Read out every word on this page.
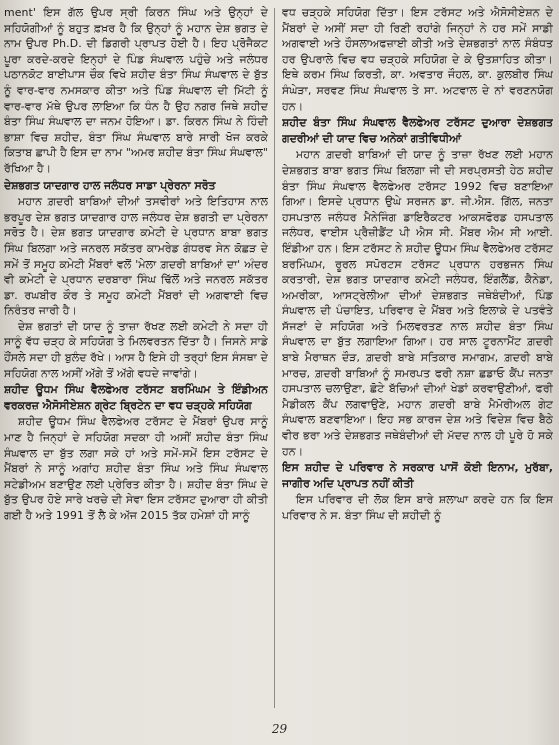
ment' ਇਸ ਗੱਲ ਉਪਰ ਸ੍ਰੀ ਕਿਰਨ ਸਿੰਘ ਅਤੇ ਉਨ੍ਹਾਂ ਦੇ ਸਹਿਯੋਗੀਆਂ ਨੂੰ ਬਹੁਤ ਫ਼ਖ਼ਰ ਹੈ ਕਿ ਉਨ੍ਹਾਂ ਨੂੰ ਮਹਾਨ ਦੇਸ਼ ਭਗਤ ਦੇ ਨਾਮ ਉਪਰ Ph.D. ਦੀ ਡਿਗਰੀ ਪ੍ਰਾਪਤ ਹੋਈ ਹੈ। ਇਹ ਪ੍ਰੋਜੈਕਟ ਪੂਰਾ ਕਰਦੇ-ਕਰਦੇ ਇਨ੍ਹਾਂ ਦੇ ਪਿੰਡ ਸੰਘਵਾਲ ਪਹੁੰਚੇ ਅਤੇ ਜਲੰਧਰ ਪਠਾਨਕੋਟ ਬਾਈਪਾਸ ਚੌਕ ਵਿਖੇ ਸ਼ਹੀਦ ਬੰਤਾ ਸਿੰਘ ਸੰਘਵਾਲ ਦੇ ਬੁੱਤ ਨੂੰ ਵਾਰ-ਵਾਰ ਨਮਸਕਾਰ ਕੀਤਾ ਅਤੇ ਪਿੰਡ ਸੰਘਵਾਲ ਦੀ ਮਿੱਟੀ ਨੂੰ ਵਾਰ-ਵਾਰ ਮੱਥੇ ਉਪਰ ਲਾਇਆ ਕਿ ਧੰਨ ਹੈ ਉਹ ਨਗਰ ਜਿਥੇ ਸ਼ਹੀਦ ਬੰਤਾ ਸਿੰਘ ਸੰਘਵਾਲ ਦਾ ਜਨਮ ਹੋਇਆ। ਡਾ. ਕਿਰਨ ਸਿੰਘ ਨੇ ਹਿੰਦੀ ਭਾਸ਼ਾ ਵਿਚ ਸ਼ਹੀਦ, ਬੰਤਾ ਸਿੰਘ ਸੰਘਵਾਲ ਬਾਰੇ ਸਾਰੀ ਖੋਜ ਕਰਕੇ ਕਿਤਾਬ ਛਾਪੀ ਹੈ ਇਸ ਦਾ ਨਾਮ "ਅਮਰ ਸ਼ਹੀਦ ਬੰਤਾ ਸਿੰਘ ਸੰਘਵਾਲ" ਰੱਖਿਆ ਹੈ।

ਦੇਸ਼ਭਗਤ ਯਾਦਗਾਰ ਹਾਲ ਜਲੰਧਰ ਸਾਡਾ ਪ੍ਰੇਰਨਾ ਸਰੋਤ

ਮਹਾਨ ਗ਼ਦਰੀ ਬਾਬਿਆਂ ਦੀਆਂ ਤਸਵੀਰਾਂ ਅਤੇ ਇਤਿਹਾਸ ਨਾਲ ਭਰਪੂਰ ਦੇਸ਼ ਭਗਤ ਯਾਦਗਾਰ ਹਾਲ ਜਲੰਧਰ ਦੇਸ਼ ਭਗਤੀ ਦਾ ਪ੍ਰੇਰਨਾ ਸਰੋਤ ਹੈ। ਦੇਸ਼ ਭਗਤ ਯਾਦਗਾਰ ਕਮੇਟੀ ਦੇ ਪ੍ਰਧਾਨ ਬਾਬਾ ਭਗਤ ਸਿੰਘ ਬਿਲਗਾ ਅਤੇ ਜਨਰਲ ਸਕੱਤਰ ਕਾਮਰੇਡ ਗੰਧਰਵ ਸੇਨ ਕੋਛੜ ਦੇ ਸਮੇਂ ਤੋਂ ਸਮੂਹ ਕਮੇਟੀ ਮੈਂਬਰਾਂ ਵਲੋਂ 'ਮੇਲਾ ਗ਼ਦਰੀ ਬਾਬਿਆਂ ਦਾ' ਅੰਦਰ ਵੀ ਕਮੇਟੀ ਦੇ ਪ੍ਰਧਾਨ ਦਰਬਾਰਾ ਸਿੰਘ ਢਿੱਲੋਂ ਅਤੇ ਜਨਰਲ ਸਕੱਤਰ ਡਾ. ਰਘਬੀਰ ਕੌਰ ਤੇ ਸਮੂਹ ਕਮੇਟੀ ਮੈਂਬਰਾਂ ਦੀ ਅਗਵਾਈ ਵਿਚ ਨਿਰੰਤਰ ਜਾਰੀ ਹੈ।

ਦੇਸ਼ ਭਗਤਾਂ ਦੀ ਯਾਦ ਨੂੰ ਤਾਜ਼ਾ ਰੱਖਣ ਲਈ ਕਮੇਟੀ ਨੇ ਸਦਾ ਹੀ ਸਾਨੂੰ ਵੱਧ ਚੜ੍ਹ ਕੇ ਸਹਿਯੋਗ ਤੇ ਮਿਲਵਰਤਨ ਦਿੱਤਾ ਹੈ। ਜਿਸਨੇ ਸਾਡੇ ਹੌਂਸਲੇ ਸਦਾ ਹੀ ਬੁਲੰਦ ਰੱਖੇ। ਆਸ ਹੈ ਇਸੇ ਹੀ ਤਰ੍ਹਾਂ ਇਸ ਸੰਸਥਾ ਦੇ ਸਹਿਯੋਗ ਨਾਲ ਅਸੀਂ ਅੱਗੇ ਤੋਂ ਅੱਗੇ ਵਧਦੇ ਜਾਵਾਂਗੇ।

ਸ਼ਹੀਦ ਊਧਮ ਸਿੰਘ ਵੈਲਫੇਅਰ ਟਰੱਸਟ ਬਰਮਿੰਘਮ ਤੇ ਇੰਡੀਅਨ ਵਰਕਰਜ਼ ਐਸੋਸੀਏਸ਼ਨ ਗ੍ਰੇਟ ਬ੍ਰਿਟੇਨ ਦਾ ਵਧ ਚੜ੍ਹਕੇ ਸਹਿਯੋਗ

ਸ਼ਹੀਦ ਊਧਮ ਸਿੰਘ ਵੈਲਫੇਅਰ ਟਰੱਸਟ ਦੇ ਮੈਂਬਰਾਂ ਉਪਰ ਸਾਨੂੰ ਮਾਣ ਹੈ ਜਿਨ੍ਹਾਂ ਦੇ ਸਹਿਯੋਗ ਸਦਕਾ ਹੀ ਅਸੀਂ ਸ਼ਹੀਦ ਬੰਤਾ ਸਿੰਘ ਸੰਘਵਾਲ ਦਾ ਬੁੱਤ ਲਗਾ ਸਕੇ ਹਾਂ ਅਤੇ ਸਮੇਂ-ਸਮੇਂ ਇਸ ਟਰੱਸਟ ਦੇ ਮੈਂਬਰਾਂ ਨੇ ਸਾਨੂੰ ਅਗਾਂਹ ਸ਼ਹੀਦ ਬੰਤਾ ਸਿੰਘ ਅਤੇ ਸਿੰਘ ਸੰਘਵਾਲ ਸਟੇਡੀਅਮ ਬਣਾਉਣ ਲਈ ਪ੍ਰੇਰਿਤ ਕੀਤਾ ਹੈ। ਸ਼ਹੀਦ ਬੰਤਾ ਸਿੰਘ ਦੇ ਬੁੱਤ ਉਪਰ ਹੋਏ ਸਾਰੇ ਖਰਚੇ ਦੀ ਸੇਵਾ ਇਸ ਟਰੱਸਟ ਦੁਆਰਾ ਹੀ ਕੀਤੀ ਗਈ ਹੈ ਅਤੇ 1991 ਤੋਂ ਲੈ ਕੇ ਅੱਜ 2015 ਤੱਕ ਹਮੇਸ਼ਾਂ ਹੀ ਸਾਨੂੰ

ਵਧ ਚੜ੍ਹਕੇ ਸਹਿਯੋਗ ਦਿੱਤਾ। ਇਸ ਟਰੱਸਟ ਅਤੇ ਐਸੋਸੀਏਸ਼ਨ ਦੇ ਮੈਂਬਰਾਂ ਦੇ ਅਸੀਂ ਸਦਾ ਹੀ ਰਿਣੀ ਰਹਾਂਗੇ ਜਿਨ੍ਹਾਂ ਨੇ ਹਰ ਸਮੇਂ ਸਾਡੀ ਅਗਵਾਈ ਅਤੇ ਹੌਸਲਾਅਫਜ਼ਾਈ ਕੀਤੀ ਅਤੇ ਦੇਸ਼ਭਗਤਾਂ ਨਾਲ ਸੰਬੰਧਤ ਹਰ ਉਪਰਾਲੇ ਵਿਚ ਵਧ ਚੜ੍ਹਕੇ ਸਹਿਯੋਗ ਦੇ ਕੇ ਉਤਸ਼ਾਹਿਤ ਕੀਤਾ। ਇਥੇ ਕਰਮ ਸਿੰਘ ਕਿਰਤੀ, ਕਾ. ਅਵਤਾਰ ਜੌਹਲ, ਕਾ. ਕੁਲਬੀਰ ਸਿੰਘ ਸੰਘੇੜਾ, ਸਰਵਣ ਸਿੰਘ ਸੰਘਵਾਲ ਤੇ ਸਾ. ਅਟਵਾਲ ਦੇ ਨਾਂ ਵਰਣਨਯੋਗ ਹਨ।

ਸ਼ਹੀਦ ਬੰਤਾ ਸਿੰਘ ਸੰਘਵਾਲ ਵੈਲਫੇਅਰ ਟਰੱਸਟ ਦੁਆਰਾ ਦੇਸ਼ਭਗਤ ਗਦਰੀਆਂ ਦੀ ਯਾਦ ਵਿਚ ਅਨੇਕਾਂ ਗਤੀਵਿਧੀਆਂ

ਮਹਾਨ ਗ਼ਦਰੀ ਬਾਬਿਆਂ ਦੀ ਯਾਦ ਨੂੰ ਤਾਜ਼ਾ ਰੱਖਣ ਲਈ ਮਹਾਨ ਦੇਸ਼ਭਗਤ ਬਾਬਾ ਭਗਤ ਸਿੰਘ ਬਿਲਗਾ ਜੀ ਦੀ ਸਰਪ੍ਰਸਤੀ ਹੇਠ ਸ਼ਹੀਦ ਬੰਤਾ ਸਿੰਘ ਸੰਘਵਾਲ ਵੈਲਫੇਅਰ ਟਰੱਸਟ 1992 ਵਿਚ ਬਣਾਇਆ ਗਿਆ। ਇਸਦੇ ਪ੍ਰਧਾਨ ਉਘੇ ਸਰਜਨ ਡਾ. ਜੀ.ਐਸ. ਗਿੱਲ, ਜਨਤਾ ਹਸਪਤਾਲ ਜਲੰਧਰ ਮੈਨੇਜਿੰਗ ਡਾਇਰੈਕਟਰ ਆਕਸਫੋਰਡ ਹਸਪਤਾਲ ਜਲੰਧਰ, ਵਾਈਸ ਪ੍ਰੈਜ਼ੀਡੈਂਟ ਪੀ ਐਸ ਸੀ. ਮੈਂਬਰ ਐਮ ਸੀ ਆਈ. ਇੰਡੀਆ ਹਨ। ਇਸ ਟਰੱਸਟ ਨੇ ਸ਼ਹੀਦ ਊਧਮ ਸਿੰਘ ਵੈਲਫੇਅਰ ਟਰੱਸਟ ਬਰਮਿੰਘਮ, ਰੂਰਲ ਸਪੋਰਟਸ ਟਰੱਸਟ ਪ੍ਰਧਾਨ ਹਰਭਜਨ ਸਿੰਘ ਕਰਤਾਰੀ, ਦੇਸ਼ ਭਗਤ ਯਾਦਗਾਰ ਕਮੇਟੀ ਜਲੰਧਰ, ਇੰਗਲੈਂਡ, ਕੈਨੇਡਾ, ਅਮਰੀਕਾ, ਆਸਟ੍ਰੇਲੀਆ ਦੀਆਂ ਦੇਸ਼ਭਗਤ ਜਥੇਬੰਦੀਆਂ, ਪਿੰਡ ਸੰਘਵਾਲ ਦੀ ਪੰਚਾਇਤ, ਪਰਿਵਾਰ ਦੇ ਮੈਂਬਰ ਅਤੇ ਇਲਾਕੇ ਦੇ ਪਤਵੰਤੇ ਸੱਜਣਾਂ ਦੇ ਸਹਿਯੋਗ ਅਤੇ ਮਿਲਵਰਤਣ ਨਾਲ ਸ਼ਹੀਦ ਬੰਤਾ ਸਿੰਘ ਸੰਘਵਾਲ ਦਾ ਬੁੱਤ ਲਗਾਇਆ ਗਿਆ। ਹਰ ਸਾਲ ਟੂਰਨਾਮੈਂਟ ਗ਼ਦਰੀ ਬਾਬੇ ਮੈਰਾਥਨ ਦੌੜ, ਗ਼ਦਰੀ ਬਾਬੇ ਸਤਿਕਾਰ ਸਮਾਗਮ, ਗ਼ਦਰੀ ਬਾਬੇ ਮਾਰਚ, ਗ਼ਦਰੀ ਬਾਬਿਆਂ ਨੂੰ ਸਮਰਪਤ ਫਰੀ ਨਸ਼ਾ ਛਡਾਓ ਕੈਂਪ ਜਨਤਾ ਹਸਪਤਾਲ ਚਲਾਉਣਾ, ਛੋਟੇ ਬੱਚਿਆਂ ਦੀਆਂ ਖੇਡਾਂ ਕਰਵਾਉਣੀਆਂ, ਫਰੀ ਮੈਡੀਕਲ ਕੈਂਪ ਲਗਵਾਉਣੇ, ਮਹਾਨ ਗ਼ਦਰੀ ਬਾਬੇ ਮੈਮੋਰੀਅਲ ਗੇਟ ਸੰਘਵਾਲ ਬਣਵਾਇਆ। ਇਹ ਸਭ ਕਾਰਜ ਦੇਸ਼ ਅਤੇ ਵਿਦੇਸ਼ ਵਿਚ ਬੈਠੇ ਵੀਰ ਭਰਾ ਅਤੇ ਦੇਸ਼ਭਗਤ ਜਥੇਬੰਦੀਆਂ ਦੀ ਮੱਦਦ ਨਾਲ ਹੀ ਪੂਰੇ ਹੋ ਸਕੇ ਹਨ।

ਇਸ ਸ਼ਹੀਦ ਦੇ ਪਰਿਵਾਰ ਨੇ ਸਰਕਾਰ ਪਾਸੋਂ ਕੋਈ ਇਨਾਮ, ਮੁਰੱਬਾ, ਜਾਗੀਰ ਅਦਿ ਪ੍ਰਾਪਤ ਨਹੀਂ ਕੀਤੀ

ਇਸ ਪਰਿਵਾਰ ਦੀ ਲੋਕ ਇਸ ਬਾਰੇ ਸ਼ਲਾਘਾ ਕਰਦੇ ਹਨ ਕਿ ਇਸ ਪਰਿਵਾਰ ਨੇ ਸ. ਬੰਤਾ ਸਿੰਘ ਦੀ ਸ਼ਹੀਦੀ ਨੂੰ

29
